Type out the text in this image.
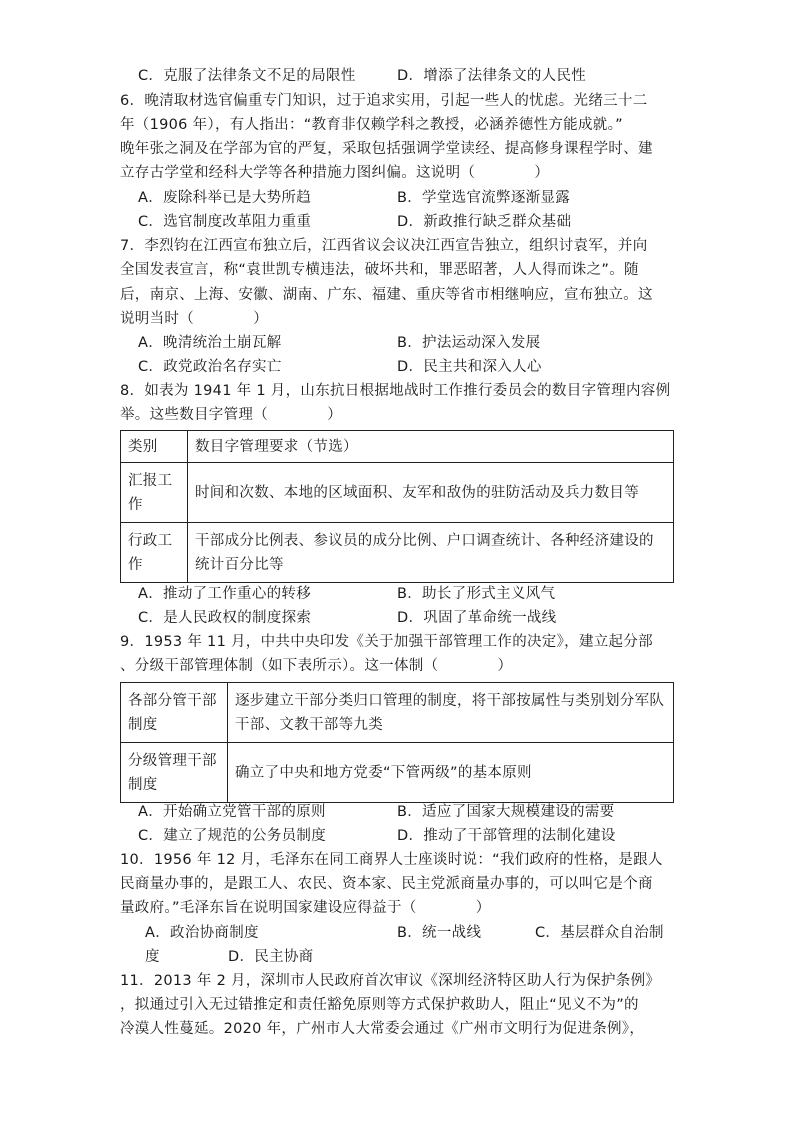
C．克服了法律条文不足的局限性	D．增添了法律条文的人民性
6．晚清取材选官偏重专门知识，过于追求实用，引起一些人的忧虑。光绪三十二
年（1906 年），有人指出：“教育非仅赖学科之教授，必涵养德性方能成就。”
晚年张之洞及在学部为官的严复，采取包括强调学堂读经、提高修身课程学时、建
立存古学堂和经科大学等各种措施力图纠偏。这说明（　　　　）
A．废除科举已是大势所趋	B．学堂选官流弊逐渐显露
C．选官制度改革阻力重重	D．新政推行缺乏群众基础
7．李烈钧在江西宣布独立后，江西省议会议决江西宣告独立，组织讨袁军，并向
全国发表宣言，称“袁世凯专横违法，破坏共和，罪恶昭著，人人得而诛之”。随
后，南京、上海、安徽、湖南、广东、福建、重庆等省市相继响应，宣布独立。这
说明当时（　　　　）
A．晚清统治土崩瓦解	B．护法运动深入发展
C．政党政治名存实亡	D．民主共和深入人心
8．如表为 1941 年 1 月，山东抗日根据地战时工作推行委员会的数目字管理内容例
举。这些数目字管理（　　　　）
类别	数目字管理要求（节选）
汇报工作	时间和次数、本地的区域面积、友军和敌伪的驻防活动及兵力数目等
行政工作	干部成分比例表、参议员的成分比例、户口调查统计、各种经济建设的统计百分比等
A．推动了工作重心的转移	B．助长了形式主义风气
C．是人民政权的制度探索	D．巩固了革命统一战线
9．1953 年 11 月，中共中央印发《关于加强干部管理工作的决定》，建立起分部
、分级干部管理体制（如下表所示）。这一体制（　　　　）
各部分管干部制度	逐步建立干部分类归口管理的制度，将干部按属性与类别划分军队干部、文教干部等九类
分级管理干部制度	确立了中央和地方党委“下管两级”的基本原则
A．开始确立党管干部的原则	B．适应了国家大规模建设的需要
C．建立了规范的公务员制度	D．推动了干部管理的法制化建设
10．1956 年 12 月，毛泽东在同工商界人士座谈时说：“我们政府的性格，是跟人
民商量办事的，是跟工人、农民、资本家、民主党派商量办事的，可以叫它是个商
量政府。”毛泽东旨在说明国家建设应得益于（　　　　）
A．政治协商制度	B．统一战线	C．基层群众自治制
度	D．民主协商
11．2013 年 2 月，深圳市人民政府首次审议《深圳经济特区助人行为保护条例》
，拟通过引入无过错推定和责任豁免原则等方式保护救助人，阻止“见义不为”的
冷漠人性蔓延。2020 年，广州市人大常委会通过《广州市文明行为促进条例》，
